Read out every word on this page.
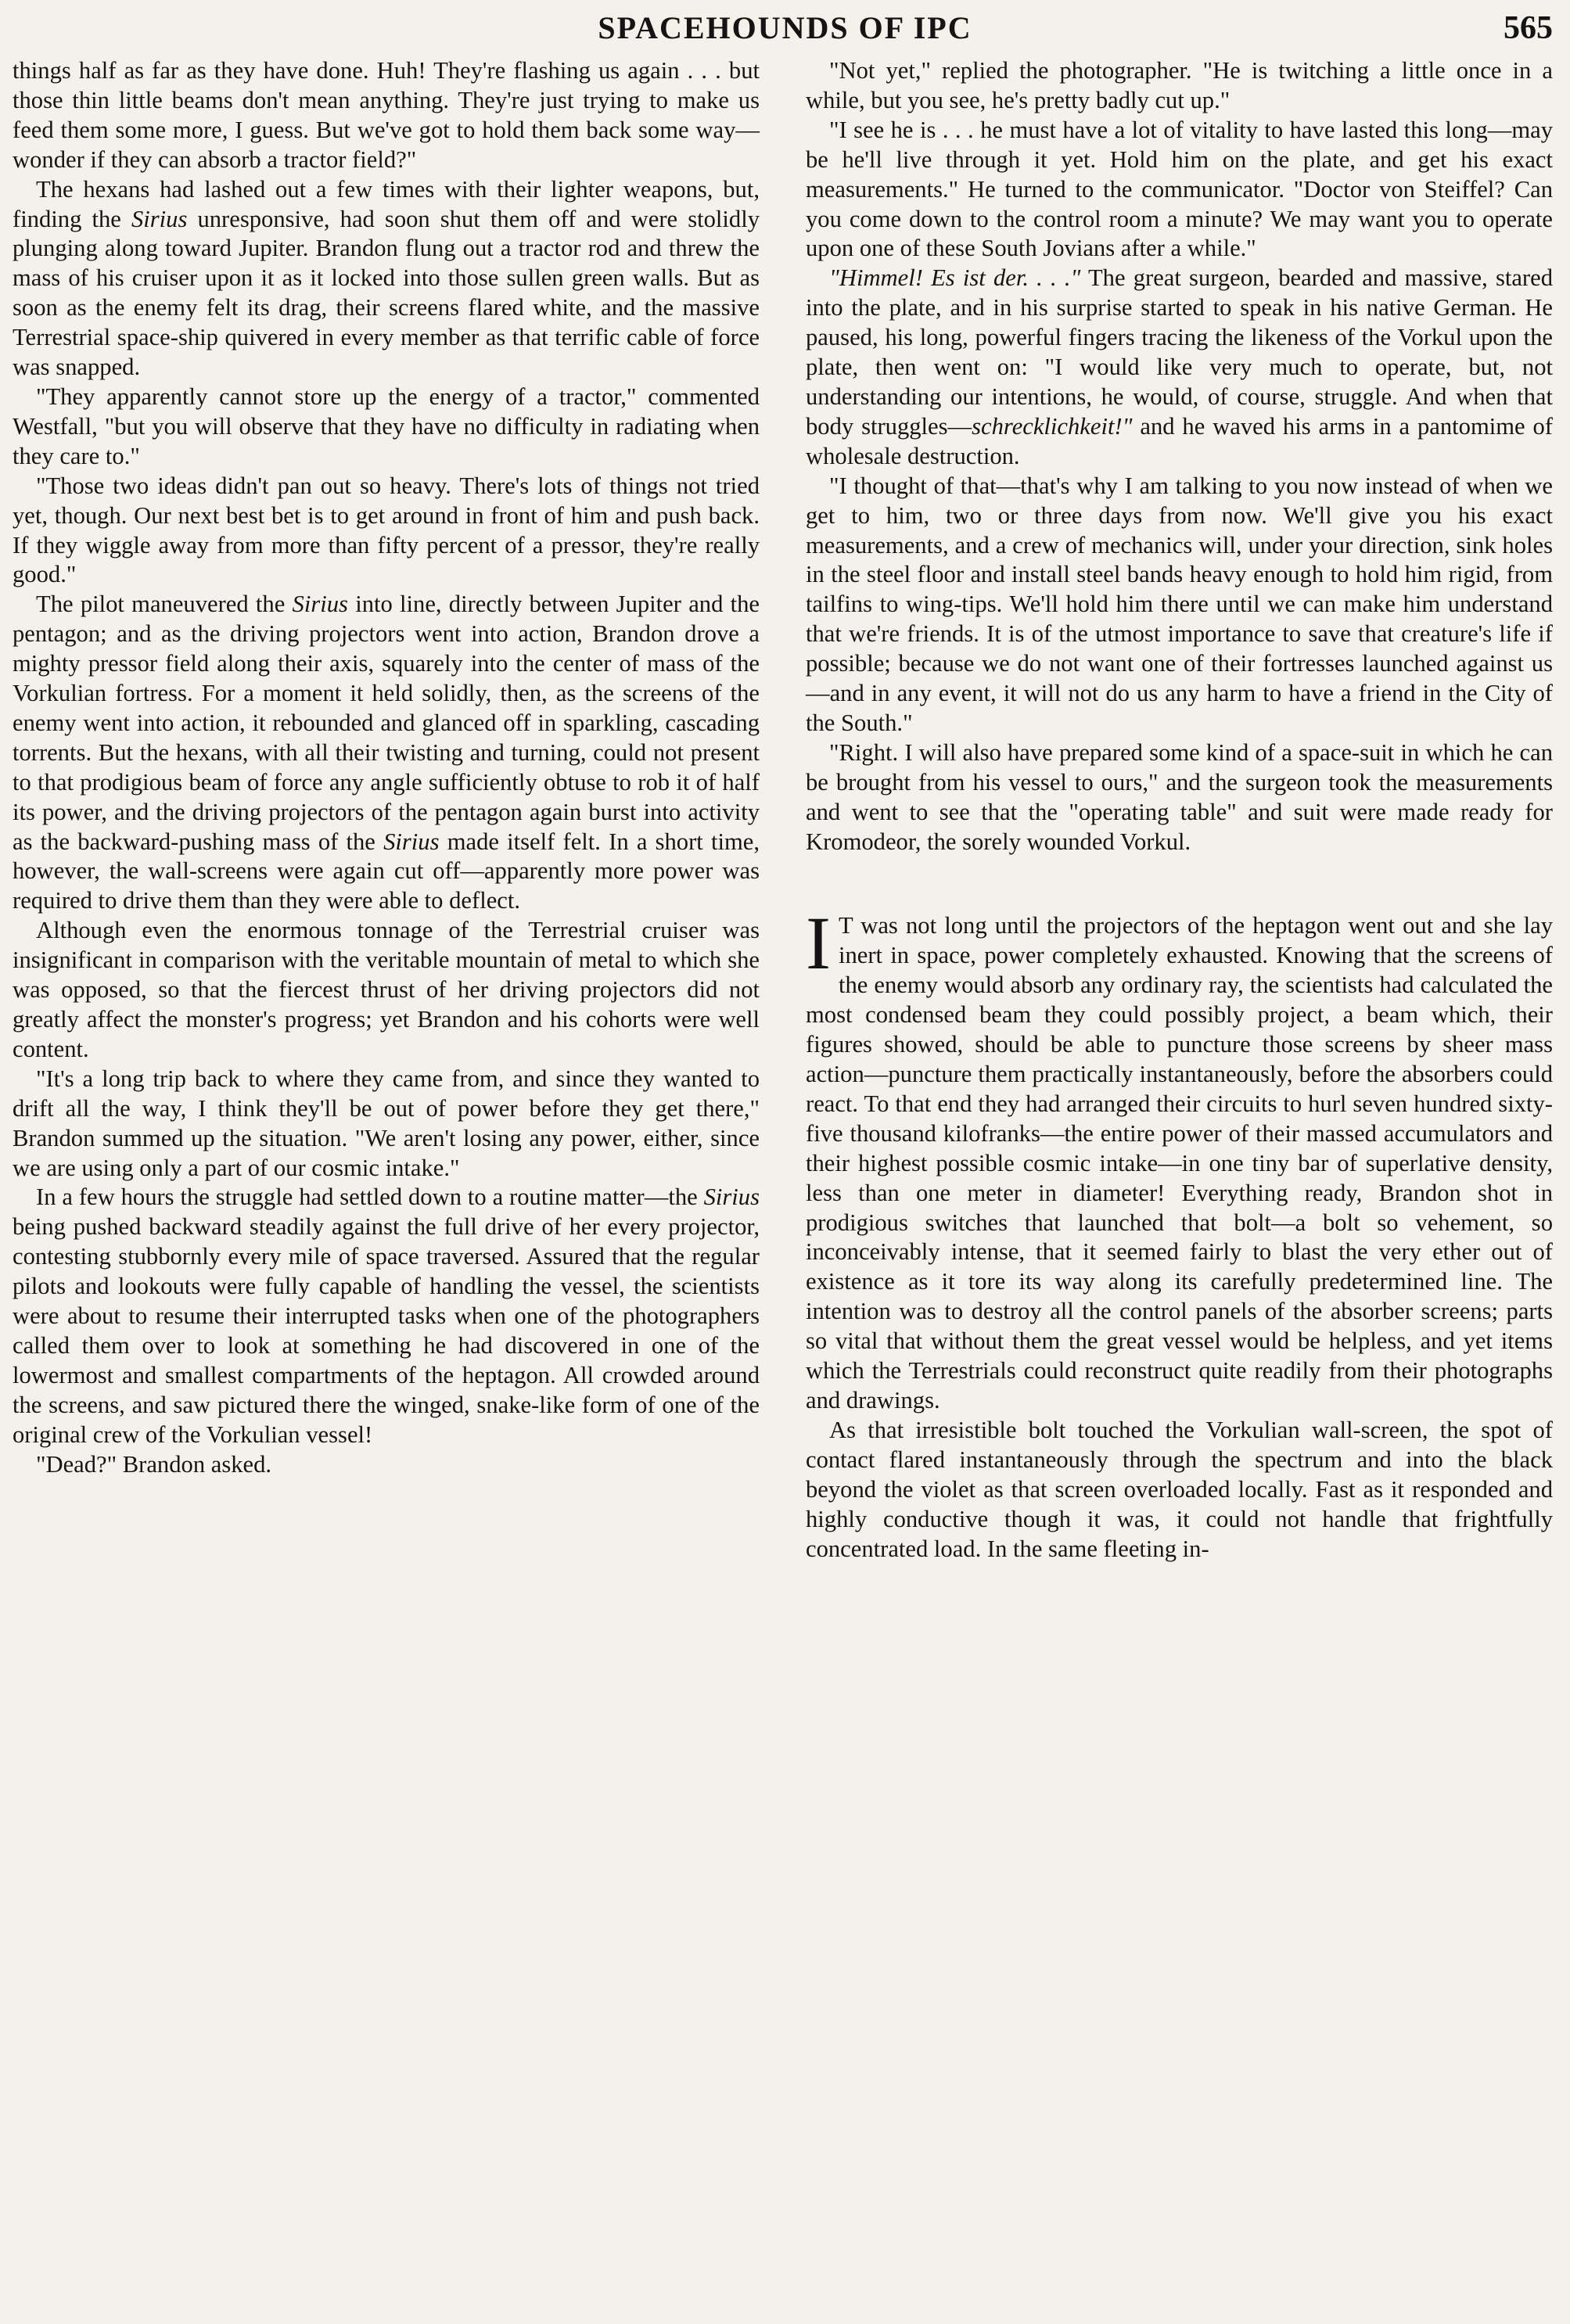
SPACEHOUNDS OF IPC	565

things half as far as they have done. Huh! They're flashing us again . . . but those thin little beams don't mean anything. They're just trying to make us feed them some more, I guess. But we've got to hold them back some way—wonder if they can absorb a tractor field?"

The hexans had lashed out a few times with their lighter weapons, but, finding the Sirius unresponsive, had soon shut them off and were stolidly plunging along toward Jupiter. Brandon flung out a tractor rod and threw the mass of his cruiser upon it as it locked into those sullen green walls. But as soon as the enemy felt its drag, their screens flared white, and the massive Terrestrial space-ship quivered in every member as that terrific cable of force was snapped.

"They apparently cannot store up the energy of a tractor," commented Westfall, "but you will observe that they have no difficulty in radiating when they care to."

"Those two ideas didn't pan out so heavy. There's lots of things not tried yet, though. Our next best bet is to get around in front of him and push back. If they wiggle away from more than fifty percent of a pressor, they're really good."

The pilot maneuvered the Sirius into line, directly between Jupiter and the pentagon; and as the driving projectors went into action, Brandon drove a mighty pressor field along their axis, squarely into the center of mass of the Vorkulian fortress. For a moment it held solidly, then, as the screens of the enemy went into action, it rebounded and glanced off in sparkling, cascading torrents. But the hexans, with all their twisting and turning, could not present to that prodigious beam of force any angle sufficiently obtuse to rob it of half its power, and the driving projectors of the pentagon again burst into activity as the backward-pushing mass of the Sirius made itself felt. In a short time, however, the wall-screens were again cut off—apparently more power was required to drive them than they were able to deflect.

Although even the enormous tonnage of the Terrestrial cruiser was insignificant in comparison with the veritable mountain of metal to which she was opposed, so that the fiercest thrust of her driving projectors did not greatly affect the monster's progress; yet Brandon and his cohorts were well content.

"It's a long trip back to where they came from, and since they wanted to drift all the way, I think they'll be out of power before they get there," Brandon summed up the situation. "We aren't losing any power, either, since we are using only a part of our cosmic intake."

In a few hours the struggle had settled down to a routine matter—the Sirius being pushed backward steadily against the full drive of her every projector, contesting stubbornly every mile of space traversed. Assured that the regular pilots and lookouts were fully capable of handling the vessel, the scientists were about to resume their interrupted tasks when one of the photographers called them over to look at something he had discovered in one of the lowermost and smallest compartments of the heptagon. All crowded around the screens, and saw pictured there the winged, snake-like form of one of the original crew of the Vorkulian vessel!

"Dead?" Brandon asked.

"Not yet," replied the photographer. "He is twitching a little once in a while, but you see, he's pretty badly cut up."

"I see he is . . . he must have a lot of vitality to have lasted this long—may be he'll live through it yet. Hold him on the plate, and get his exact measurements." He turned to the communicator. "Doctor von Steiffel? Can you come down to the control room a minute? We may want you to operate upon one of these South Jovians after a while."

"Himmel! Es ist der. . . ." The great surgeon, bearded and massive, stared into the plate, and in his surprise started to speak in his native German. He paused, his long, powerful fingers tracing the likeness of the Vorkul upon the plate, then went on: "I would like very much to operate, but, not understanding our intentions, he would, of course, struggle. And when that body struggles—schrecklichkeit!" and he waved his arms in a pantomime of wholesale destruction.

"I thought of that—that's why I am talking to you now instead of when we get to him, two or three days from now. We'll give you his exact measurements, and a crew of mechanics will, under your direction, sink holes in the steel floor and install steel bands heavy enough to hold him rigid, from tailfins to wing-tips. We'll hold him there until we can make him understand that we're friends. It is of the utmost importance to save that creature's life if possible; because we do not want one of their fortresses launched against us—and in any event, it will not do us any harm to have a friend in the City of the South."

"Right. I will also have prepared some kind of a space-suit in which he can be brought from his vessel to ours," and the surgeon took the measurements and went to see that the "operating table" and suit were made ready for Kromodeor, the sorely wounded Vorkul.

I T was not long until the projectors of the heptagon went out and she lay inert in space, power completely exhausted. Knowing that the screens of the enemy would absorb any ordinary ray, the scientists had calculated the most condensed beam they could possibly project, a beam which, their figures showed, should be able to puncture those screens by sheer mass action—puncture them practically instantaneously, before the absorbers could react. To that end they had arranged their circuits to hurl seven hundred sixty-five thousand kilofranks—the entire power of their massed accumulators and their highest possible cosmic intake—in one tiny bar of superlative density, less than one meter in diameter! Everything ready, Brandon shot in prodigious switches that launched that bolt—a bolt so vehement, so inconceivably intense, that it seemed fairly to blast the very ether out of existence as it tore its way along its carefully predetermined line. The intention was to destroy all the control panels of the absorber screens; parts so vital that without them the great vessel would be helpless, and yet items which the Terrestrials could reconstruct quite readily from their photographs and drawings.

As that irresistible bolt touched the Vorkulian wall-screen, the spot of contact flared instantaneously through the spectrum and into the black beyond the violet as that screen overloaded locally. Fast as it responded and highly conductive though it was, it could not handle that frightfully concentrated load. In the same fleeting in-
